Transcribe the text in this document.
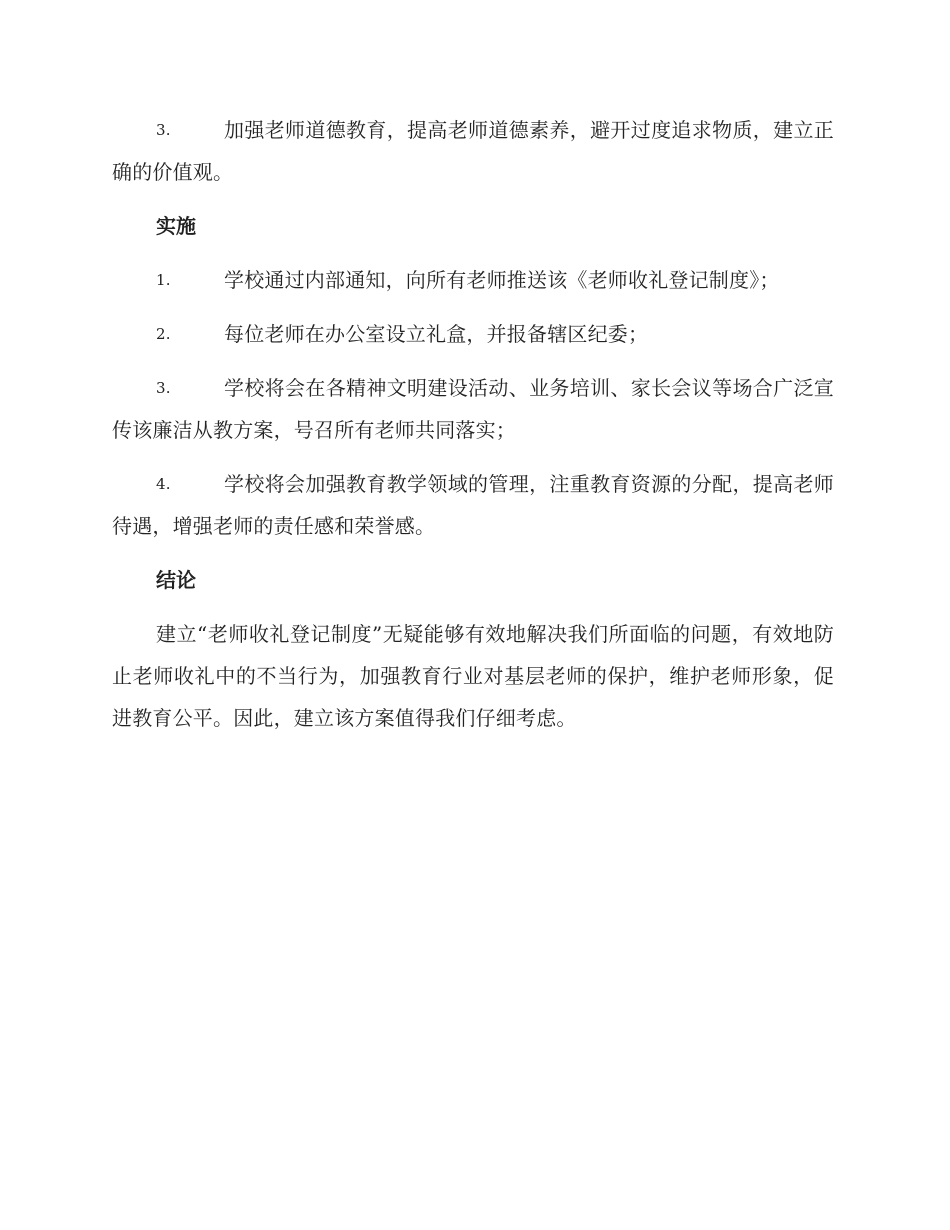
3.	加强老师道德教育，提高老师道德素养，避开过度追求物质，建立正确的价值观。

实施

1.	学校通过内部通知，向所有老师推送该《老师收礼登记制度》；

2.	每位老师在办公室设立礼盒，并报备辖区纪委；

3.	学校将会在各精神文明建设活动、业务培训、家长会议等场合广泛宣传该廉洁从教方案，号召所有老师共同落实；

4.	学校将会加强教育教学领域的管理，注重教育资源的分配，提高老师待遇，增强老师的责任感和荣誉感。

结论

建立“老师收礼登记制度”无疑能够有效地解决我们所面临的问题，有效地防止老师收礼中的不当行为，加强教育行业对基层老师的保护，维护老师形象，促进教育公平。因此，建立该方案值得我们仔细考虑。
